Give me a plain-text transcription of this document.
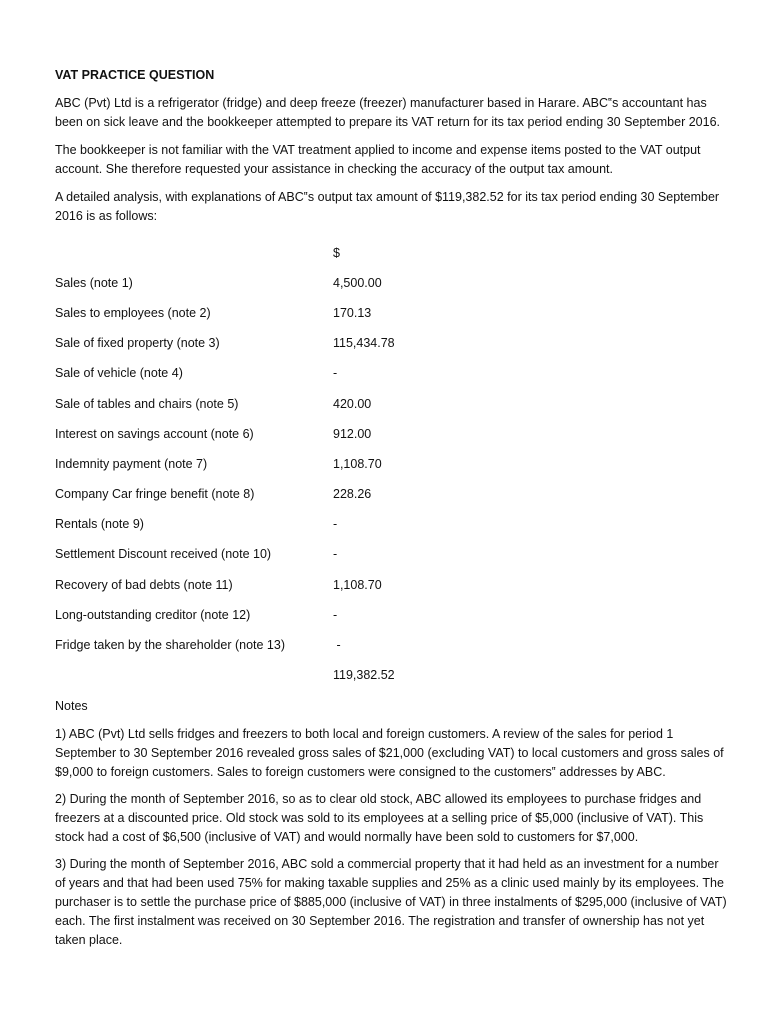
VAT PRACTICE QUESTION

ABC (Pvt) Ltd is a refrigerator (fridge) and deep freeze (freezer) manufacturer based in Harare. ABC‟s accountant has been on sick leave and the bookkeeper attempted to prepare its VAT return for its tax period ending 30 September 2016.

The bookkeeper is not familiar with the VAT treatment applied to income and expense items posted to the VAT output account. She therefore requested your assistance in checking the accuracy of the output tax amount.

A detailed analysis, with explanations of ABC‟s output tax amount of $119,382.52 for its tax period ending 30 September 2016 is as follows:

$
Sales (note 1)	4,500.00
Sales to employees (note 2)	170.13
Sale of fixed property (note 3)	115,434.78
Sale of vehicle (note 4)	-
Sale of tables and chairs (note 5)	420.00
Interest on savings account (note 6)	912.00
Indemnity payment (note 7)	1,108.70
Company Car fringe benefit (note 8)	228.26
Rentals (note 9)	-
Settlement Discount received (note 10)	-
Recovery of bad debts (note 11)	1,108.70
Long-outstanding creditor (note 12)	-
Fridge taken by the shareholder (note 13)	-
119,382.52

Notes

1) ABC (Pvt) Ltd sells fridges and freezers to both local and foreign customers. A review of the sales for period 1 September to 30 September 2016 revealed gross sales of $21,000 (excluding VAT) to local customers and gross sales of $9,000 to foreign customers. Sales to foreign customers were consigned to the customers‟ addresses by ABC.

2) During the month of September 2016, so as to clear old stock, ABC allowed its employees to purchase fridges and freezers at a discounted price. Old stock was sold to its employees at a selling price of $5,000 (inclusive of VAT). This stock had a cost of $6,500 (inclusive of VAT) and would normally have been sold to customers for $7,000.

3) During the month of September 2016, ABC sold a commercial property that it had held as an investment for a number of years and that had been used 75% for making taxable supplies and 25% as a clinic used mainly by its employees. The purchaser is to settle the purchase price of $885,000 (inclusive of VAT) in three instalments of $295,000 (inclusive of VAT) each. The first instalment was received on 30 September 2016. The registration and transfer of ownership has not yet taken place.
